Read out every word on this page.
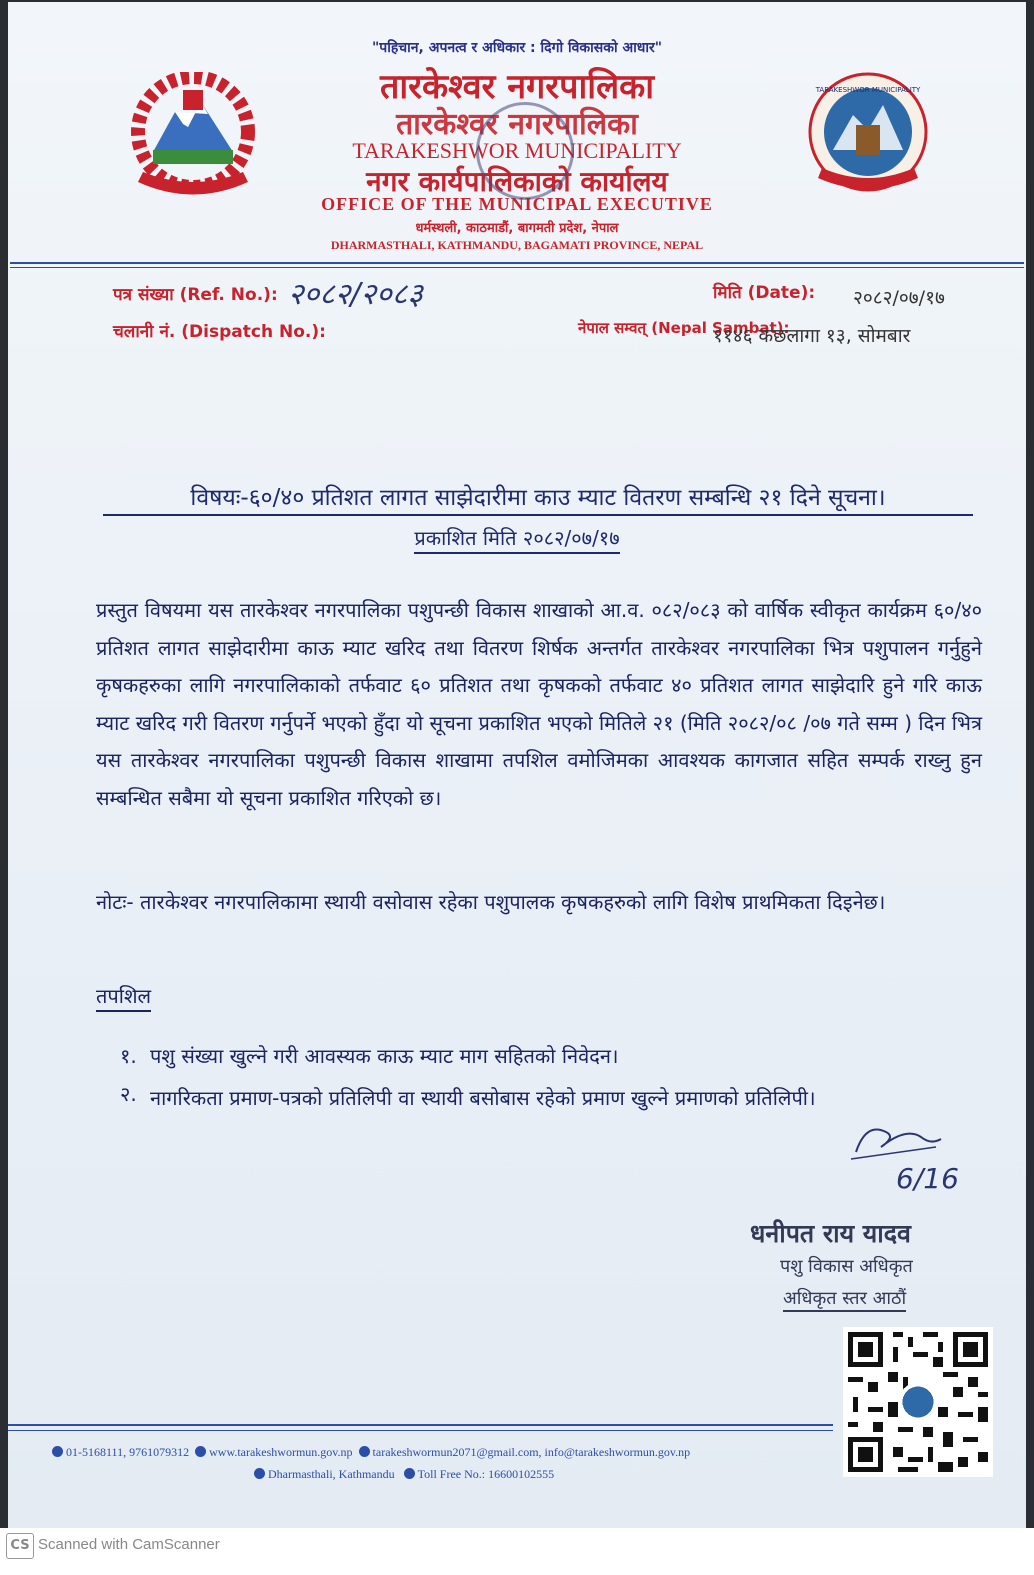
TARAKESHWOR MUNICIPALITY
"पहिचान, अपनत्व र अधिकार : दिगो विकासको आधार"
तारकेश्वर नगरपालिका
तारकेश्वर नगरपालिका
TARAKESHWOR MUNICIPALITY
नगर कार्यपालिकाको कार्यालय
OFFICE OF THE MUNICIPAL EXECUTIVE
धर्मस्थली, काठमाडौं, बागमती प्रदेश, नेपाल
DHARMASTHALI, KATHMANDU, BAGAMATI PROVINCE, NEPAL
पत्र संख्या (Ref. No.): २०८२/२०८३
चलानी नं. (Dispatch No.):
मिति (Date): २०८२/०७/१७
नेपाल सम्वत् (Nepal Sambat):
११४६ कछलागा १३, सोमबार
विषयः-६०/४० प्रतिशत लागत साझेदारीमा काउ म्याट वितरण सम्बन्धि २१ दिने सूचना।
प्रकाशित मिति २०८२/०७/१७
प्रस्तुत विषयमा यस तारकेश्वर नगरपालिका पशुपन्छी विकास शाखाको आ.व. ०८२/०८३ को वार्षिक स्वीकृत कार्यक्रम ६०/४० प्रतिशत लागत साझेदारीमा काऊ म्याट खरिद तथा वितरण शिर्षक अन्तर्गत तारकेश्वर नगरपालिका भित्र पशुपालन गर्नुहुने कृषकहरुका लागि नगरपालिकाको तर्फवाट ६० प्रतिशत तथा कृषकको तर्फवाट ४० प्रतिशत लागत साझेदारि हुने गरि काऊ म्याट खरिद गरी वितरण गर्नुपर्ने भएको हुँदा यो सूचना प्रकाशित भएको मितिले २१ (मिति २०८२/०८ /०७ गते सम्म ) दिन भित्र यस तारकेश्वर नगरपालिका पशुपन्छी विकास शाखामा तपशिल वमोजिमका आवश्यक कागजात सहित सम्पर्क राख्नु हुन सम्बन्धित सबैमा यो सूचना प्रकाशित गरिएको छ।
नोटः- तारकेश्वर नगरपालिकामा स्थायी वसोवास रहेका पशुपालक कृषकहरुको लागि विशेष प्राथमिकता दिइनेछ।
तपशिल
१. पशु संख्या खुल्ने गरी आवस्यक काऊ म्याट माग सहितको निवेदन।
२. नागरिकता प्रमाण-पत्रको प्रतिलिपी वा स्थायी बसोबास रहेको प्रमाण खुल्ने प्रमाणको प्रतिलिपी।
6/16
धनीपत राय यादव
पशु विकास अधिकृत
अधिकृत स्तर आठौं
01-5168111, 9761079312 www.tarakeshwormun.gov.np tarakeshwormun2071@gmail.com, info@tarakeshwormun.gov.np
Dharmasthali, Kathmandu Toll Free No.: 16600102555
CS Scanned with CamScanner
